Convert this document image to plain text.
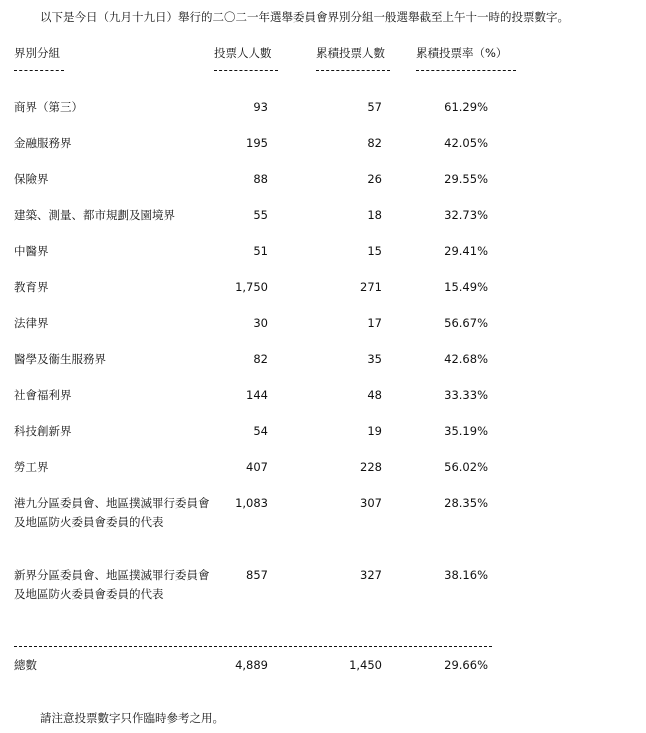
以下是今日（九月十九日）舉行的二〇二一年選舉委員會界別分組一般選舉截至上午十一時的投票數字。
界別分組	投票人人數	累積投票人數	累積投票率（%）
商界（第三）	93	57	61.29%
金融服務界	195	82	42.05%
保險界	88	26	29.55%
建築、測量、都市規劃及園境界	55	18	32.73%
中醫界	51	15	29.41%
教育界	1,750	271	15.49%
法律界	30	17	56.67%
醫學及衞生服務界	82	35	42.68%
社會福利界	144	48	33.33%
科技創新界	54	19	35.19%
勞工界	407	228	56.02%
港九分區委員會、地區撲滅罪行委員會及地區防火委員會委員的代表
1,083	307	28.35%
新界分區委員會、地區撲滅罪行委員會及地區防火委員會委員的代表
857	327	38.16%
總數	4,889	1,450	29.66%
請注意投票數字只作臨時參考之用。
